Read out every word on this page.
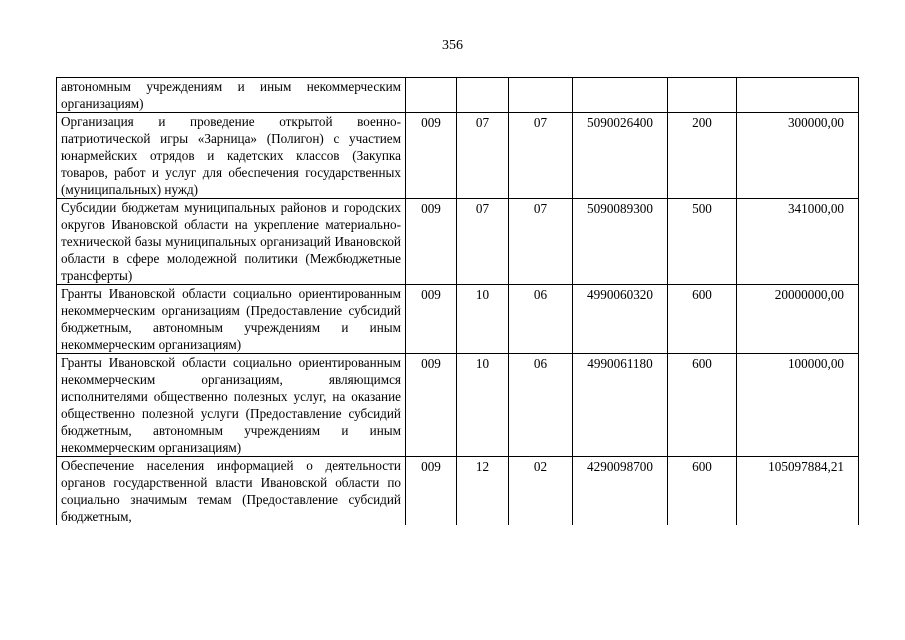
356
автономным учреждениям и иным некоммерческим организациям)						
Организация и проведение открытой военно-патриотической игры «Зарница» (Полигон) с участием юнармейских отрядов и кадетских классов (Закупка товаров, работ и услуг для обеспечения государственных (муниципальных) нужд)	009	07	07	5090026400	200	300000,00
Субсидии бюджетам муниципальных районов и городских округов Ивановской области на укрепление материально-технической базы муниципальных организаций Ивановской области в сфере молодежной политики (Межбюджетные трансферты)	009	07	07	5090089300	500	341000,00
Гранты Ивановской области социально ориентированным некоммерческим организациям (Предоставление субсидий бюджетным, автономным учреждениям и иным некоммерческим организациям)	009	10	06	4990060320	600	20000000,00
Гранты Ивановской области социально ориентированным некоммерческим организациям, являющимся исполнителями общественно полезных услуг, на оказание общественно полезной услуги (Предоставление субсидий бюджетным, автономным учреждениям и иным некоммерческим организациям)	009	10	06	4990061180	600	100000,00
Обеспечение населения информацией о деятельности органов государственной власти Ивановской области по социально значимым темам (Предоставление субсидий бюджетным,	009	12	02	4290098700	600	105097884,21
